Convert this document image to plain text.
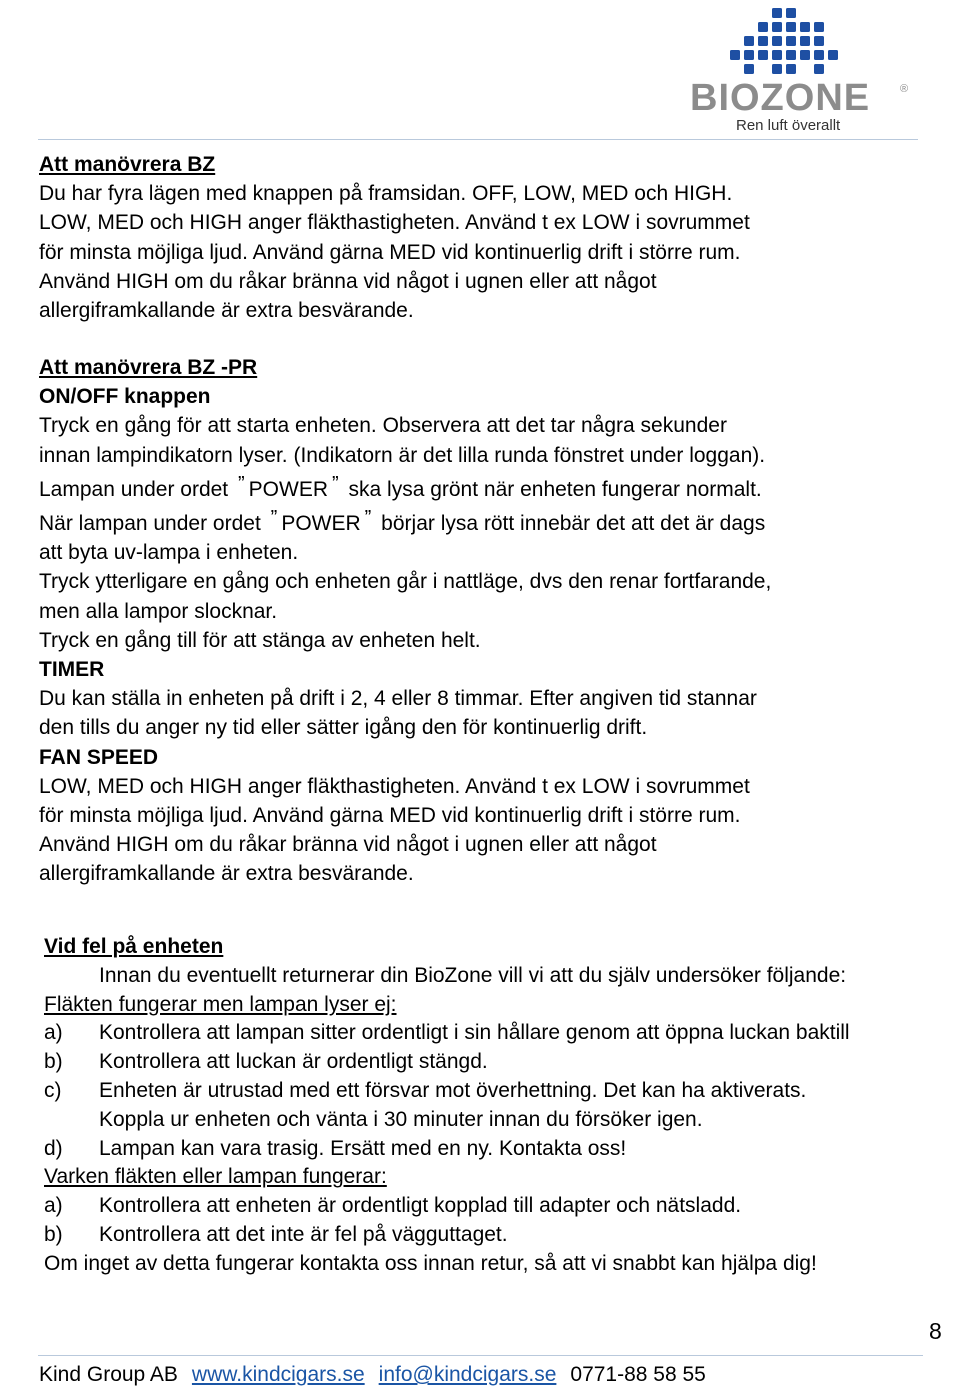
BIOZONE	®
Ren luft överallt
Att manövrera BZ
Du har fyra lägen med knappen på framsidan. OFF, LOW, MED och HIGH.
LOW, MED och HIGH anger fläkthastigheten. Använd t ex LOW i sovrummet
för minsta möjliga ljud. Använd gärna MED vid kontinuerlig drift i större rum.
Använd HIGH om du råkar bränna vid något i ugnen eller att något
allergiframkallande är extra besvärande.
Att manövrera BZ -PR
ON/OFF knappen
Tryck en gång för att starta enheten. Observera att det tar några sekunder
innan lampindikatorn lyser. (Indikatorn är det lilla runda fönstret under loggan).
Lampan under ordet ” POWER ” ska lysa grönt när enheten fungerar normalt.
När lampan under ordet ” POWER ” börjar lysa rött innebär det att det är dags
att byta uv-lampa i enheten.
Tryck ytterligare en gång och enheten går i nattläge, dvs den renar fortfarande,
men alla lampor slocknar.
Tryck en gång till för att stänga av enheten helt.
TIMER
Du kan ställa in enheten på drift i 2, 4 eller 8 timmar. Efter angiven tid stannar
den tills du anger ny tid eller sätter igång den för kontinuerlig drift.
FAN SPEED
LOW, MED och HIGH anger fläkthastigheten. Använd t ex LOW i sovrummet
för minsta möjliga ljud. Använd gärna MED vid kontinuerlig drift i större rum.
Använd HIGH om du råkar bränna vid något i ugnen eller att något
allergiframkallande är extra besvärande.
Vid fel på enheten
Innan du eventuellt returnerar din BioZone vill vi att du själv undersöker följande:
Fläkten fungerar men lampan lyser ej:
a)	Kontrollera att lampan sitter ordentligt i sin hållare genom att öppna luckan baktill
b)	Kontrollera att luckan är ordentligt stängd.
c)	Enheten är utrustad med ett försvar mot överhettning. Det kan ha aktiverats.
Koppla ur enheten och vänta i 30 minuter innan du försöker igen.
d)	Lampan kan vara trasig. Ersätt med en ny. Kontakta oss!
Varken fläkten eller lampan fungerar:
a)	Kontrollera att enheten är ordentligt kopplad till adapter och nätsladd.
b)	Kontrollera att det inte är fel på vägguttaget.
Om inget av detta fungerar kontakta oss innan retur, så att vi snabbt kan hjälpa dig!
8
Kind Group AB www.kindcigars.se info@kindcigars.se 0771-88 58 55
